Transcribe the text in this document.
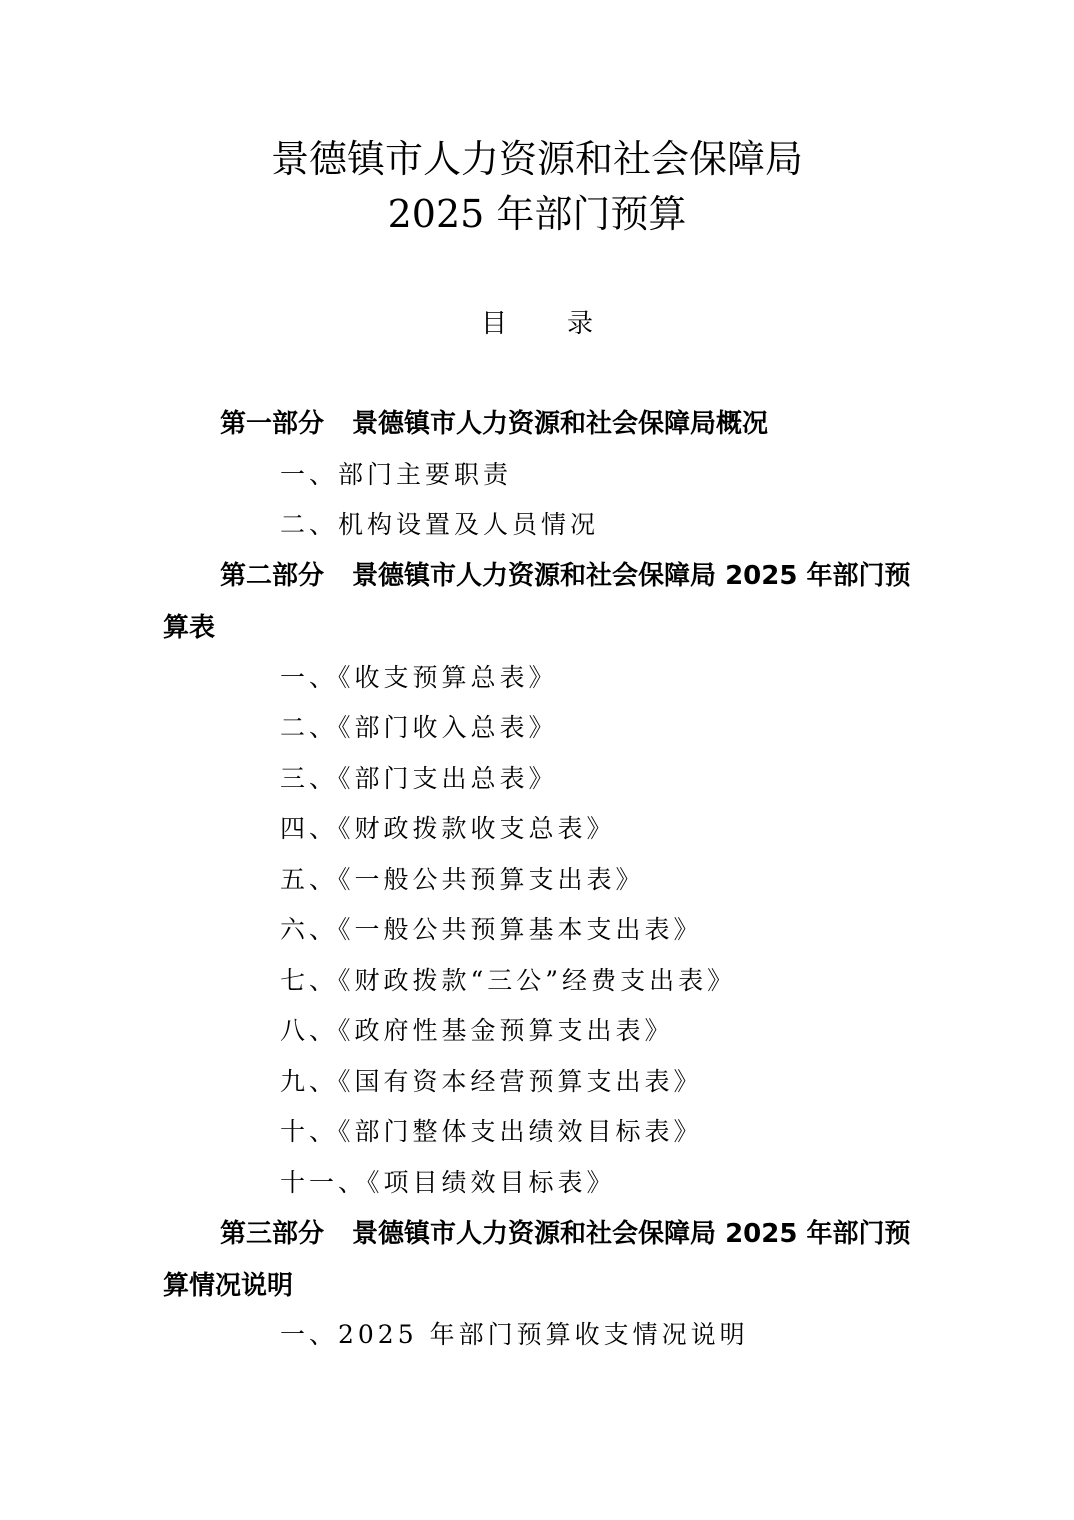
景德镇市人力资源和社会保障局
2025 年部门预算
目录

第一部分 景德镇市人力资源和社会保障局概况

一、部门主要职责
二、机构设置及人员情况

第二部分 景德镇市人力资源和社会保障局 2025 年部门预算表

一、《收支预算总表》
二、《部门收入总表》
三、《部门支出总表》
四、《财政拨款收支总表》
五、《一般公共预算支出表》
六、《一般公共预算基本支出表》
七、《财政拨款“三公”经费支出表》
八、《政府性基金预算支出表》
九、《国有资本经营预算支出表》
十、《部门整体支出绩效目标表》
十一、《项目绩效目标表》

第三部分 景德镇市人力资源和社会保障局 2025 年部门预算情况说明

一、2025 年部门预算收支情况说明
